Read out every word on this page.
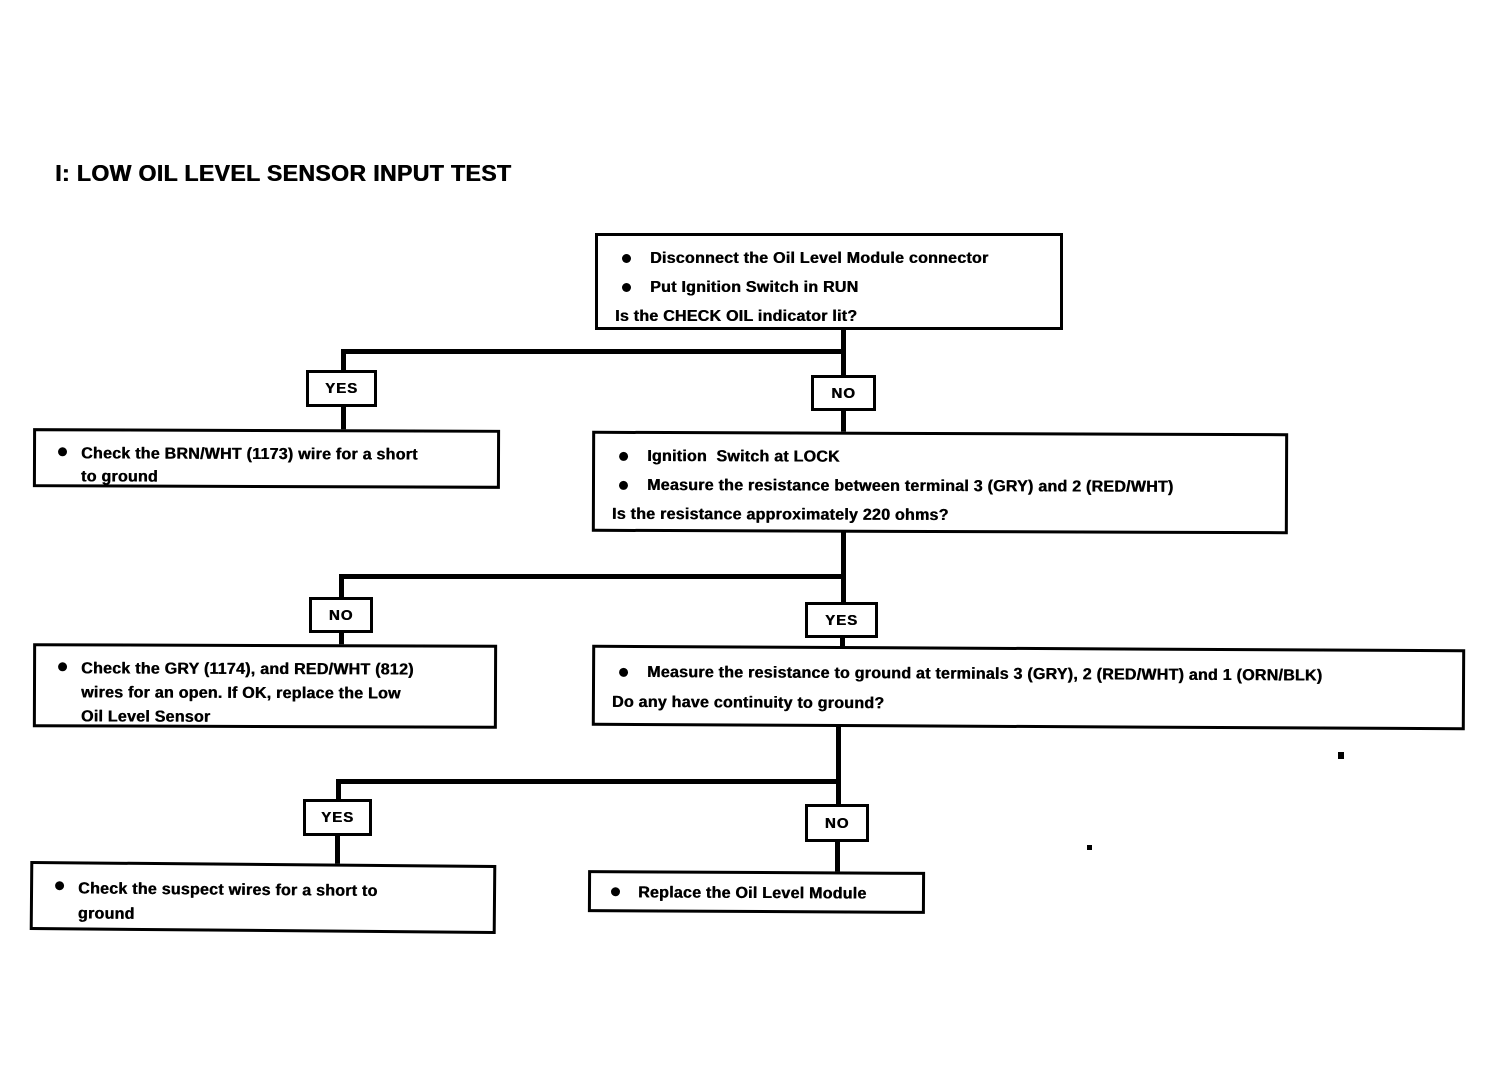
I: LOW OIL LEVEL SENSOR INPUT TEST
Disconnect the Oil Level Module connector
Put Ignition Switch in RUN
Is the CHECK OIL indicator lit?
YES	NO
Check the BRN/WHT (1173) wire for a short
to ground
Ignition  Switch at LOCK
Measure the resistance between terminal 3 (GRY) and 2 (RED/WHT)
Is the resistance approximately 220 ohms?
NO	YES
Check the GRY (1174), and RED/WHT (812)
wires for an open. If OK, replace the Low
Oil Level Sensor
Measure the resistance to ground at terminals 3 (GRY), 2 (RED/WHT) and 1 (ORN/BLK)
Do any have continuity to ground?
YES	NO
Check the suspect wires for a short to
ground
Replace the Oil Level Module
